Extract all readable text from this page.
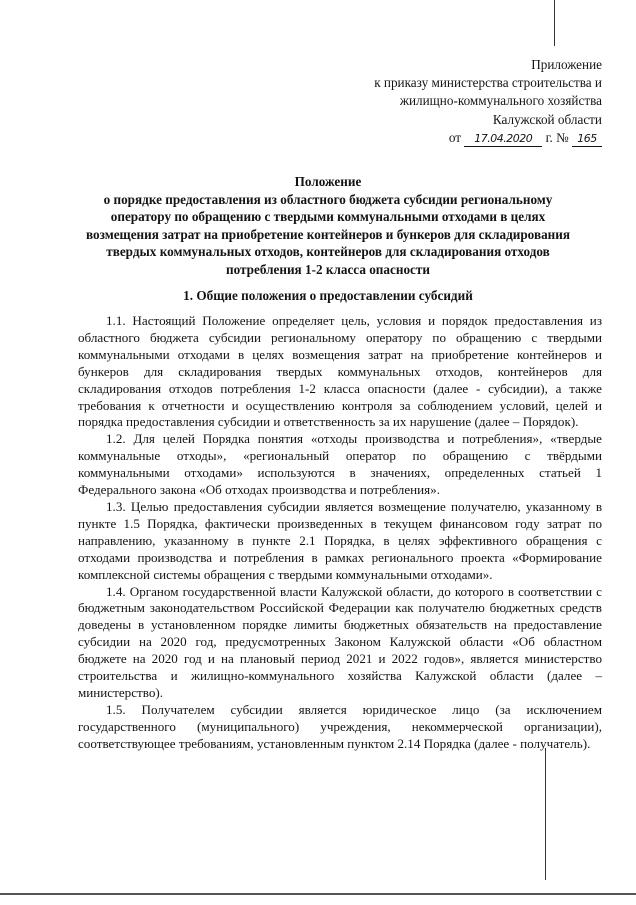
Приложение
к приказу министерства строительства и
жилищно-коммунального хозяйства
Калужской области
от 17.04.2020 г. № 165
Положение
о порядке предоставления из областного бюджета субсидии региональному
оператору по обращению с твердыми коммунальными отходами в целях
возмещения затрат на приобретение контейнеров и бункеров для складирования
твердых коммунальных отходов, контейнеров для складирования отходов
потребления 1-2 класса опасности
1. Общие положения о предоставлении субсидий

1.1. Настоящий Положение определяет цель, условия и порядок предоставления из областного бюджета субсидии региональному оператору по обращению с твердыми коммунальными отходами в целях возмещения затрат на приобретение контейнеров и бункеров для складирования твердых коммунальных отходов, контейнеров для складирования отходов потребления 1-2 класса опасности (далее - субсидии), а также требования к отчетности и осуществлению контроля за соблюдением условий, целей и порядка предоставления субсидии и ответственность за их нарушение (далее – Порядок).

1.2. Для целей Порядка понятия «отходы производства и потребления», «твердые коммунальные отходы», «региональный оператор по обращению с твёрдыми коммунальными отходами» используются в значениях, определенных статьей 1 Федерального закона «Об отходах производства и потребления».

1.3. Целью предоставления субсидии является возмещение получателю, указанному в пункте 1.5 Порядка, фактически произведенных в текущем финансовом году затрат по направлению, указанному в пункте 2.1 Порядка, в целях эффективного обращения с отходами производства и потребления в рамках регионального проекта «Формирование комплексной системы обращения с твердыми коммунальными отходами».

1.4. Органом государственной власти Калужской области, до которого в соответствии с бюджетным законодательством Российской Федерации как получателю бюджетных средств доведены в установленном порядке лимиты бюджетных обязательств на предоставление субсидии на 2020 год, предусмотренных Законом Калужской области «Об областном бюджете на 2020 год и на плановый период 2021 и 2022 годов», является министерство строительства и жилищно-коммунального хозяйства Калужской области (далее – министерство).

1.5. Получателем субсидии является юридическое лицо (за исключением государственного (муниципального) учреждения, некоммерческой организации), соответствующее требованиям, установленным пунктом 2.14 Порядка (далее - получатель).
